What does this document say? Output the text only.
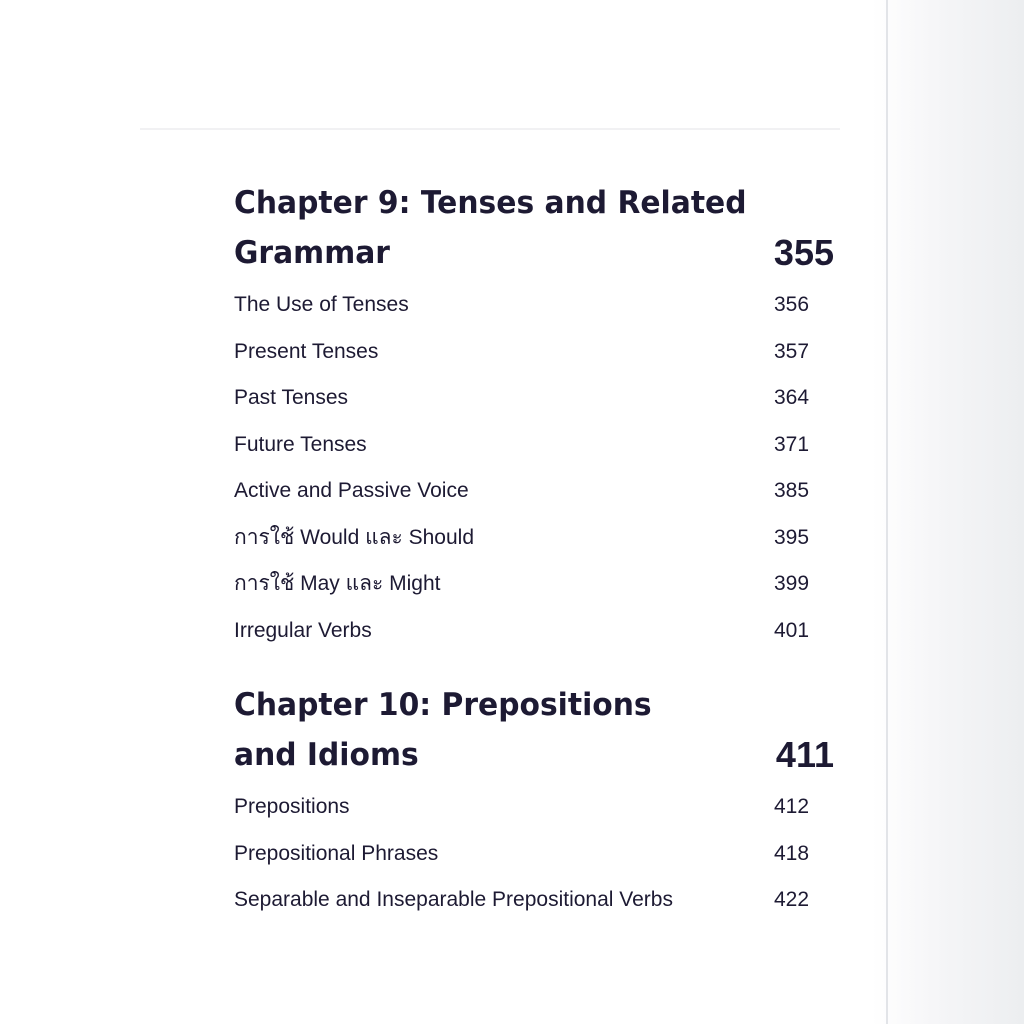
Chapter 9: Tenses and Related
Grammar	355
The Use of Tenses	356
Present Tenses	357
Past Tenses	364
Future Tenses	371
Active and Passive Voice	385
การใช้ Would และ Should	395
การใช้ May และ Might	399
Irregular Verbs	401
Chapter 10: Prepositions
and Idioms	411
Prepositions	412
Prepositional Phrases	418
Separable and Inseparable Prepositional Verbs	422
